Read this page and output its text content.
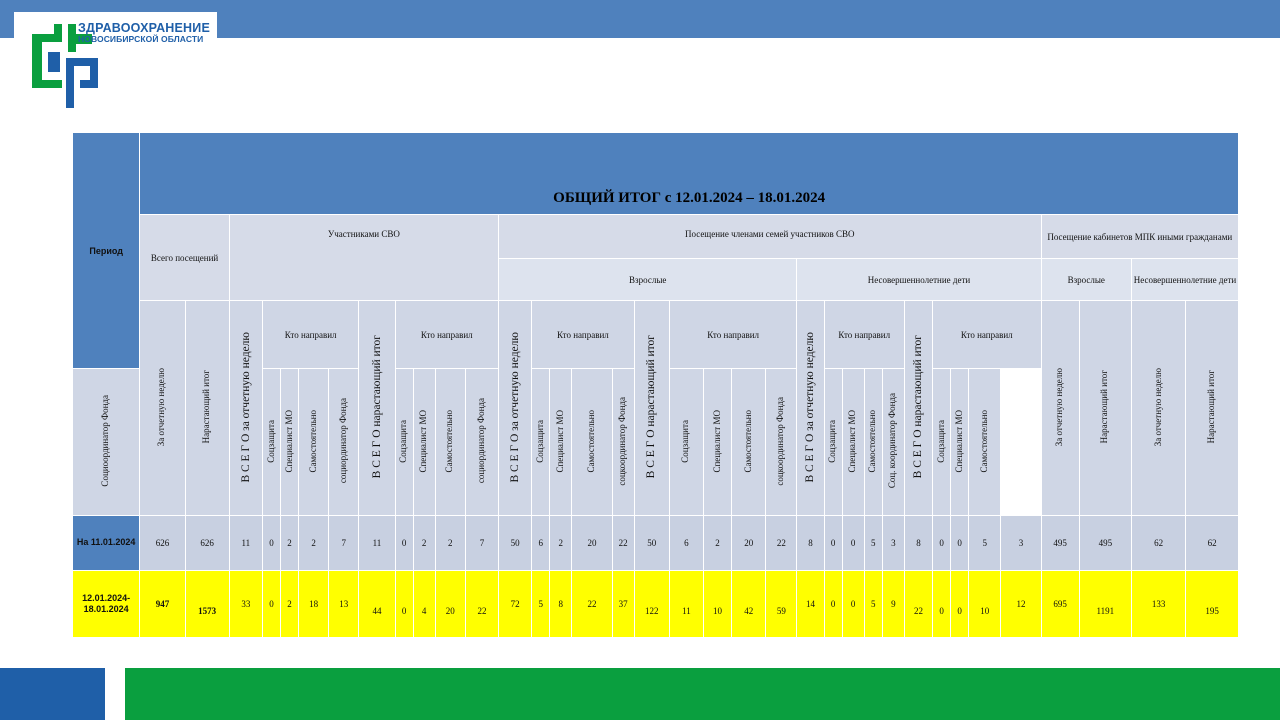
ЗДРАВООХРАНЕНИЕ
НОВОСИБИРСКОЙ ОБЛАСТИ
Период	ОБЩИЙ ИТОГ с 12.01.2024 – 18.01.2024																																			

	Всего посещений		Участниками СВО										Посещение членами семей участников СВО																				Посещение кабинетов МПК иными гражданами			
													Взрослые										Несовершеннолетние дети										Взрослые		Несовершеннолетние дети	
	За отчетную неделю	Нарастающий итог	В С Е Г О за отчетную неделю	Кто направил				В С Е Г О нарастающий итог	Кто направил				В С Е Г О за отчетную неделю	Кто направил				В С Е Г О нарастающий итог	Кто направил				В С Е Г О за отчетную неделю	Кто направил				В С Е Г О нарастающий итог	Кто направил				За отчетную неделю	Нарастающий итог	За отчетную неделю	Нарастающий итог
Социоординатор Фонда				Соцзащита	Специалист МО	Самостоятельно	социординатор Фонда		Соцзащита	Специалист МО	Самостоятельно	социординатор Фонда		Соцзащита	Специалист МО	Самостоятельно	соцкоординатор Фонда		Соцзащита	Специалист МО	Самостоятельно	соцкоординатор Фонда		Соцзащита	Специалист МО	Самостоятельно	Соц. координатор Фонда		Соцзащита	Специалист МО	Самостоятельно					
На 11.01.2024	626	626	11	0	2	2	7	11	0	2	2	7	50	6	2	20	22	50	6	2	20	22	8	0	0	5	3	8	0	0	5	3	495	495	62	62
12.01.2024-18.01.2024	947	1573	33	0	2	18	13	44	0	4	20	22	72	5	8	22	37	122	11	10	42	59	14	0	0	5	9	22	0	0	10	12	695	1191	133	195
